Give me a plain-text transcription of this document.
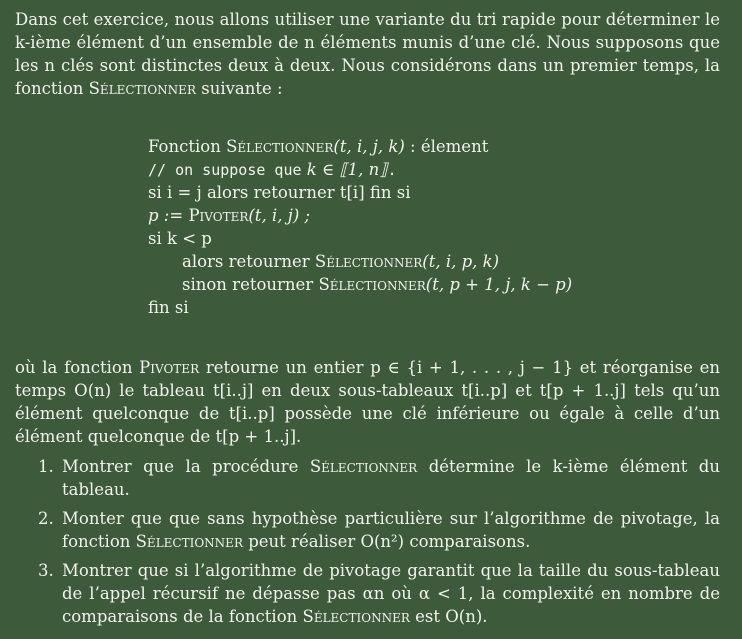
Dans cet exercice, nous allons utiliser une variante du tri rapide pour déterminer le k-ième élément d’un ensemble de n éléments munis d’une clé. Nous supposons que les n clés sont distinctes deux à deux. Nous considérons dans un premier temps, la fonction Sélectionner suivante :

Fonction Sélectionner(t, i, j, k) : élement
// on suppose que k ∈ ⟦1, n⟧.
si i = j alors retourner t[i] fin si
p := Pivoter(t, i, j) ;
si k < p
alors retourner Sélectionner(t, i, p, k)
sinon retourner Sélectionner(t, p + 1, j, k − p)
fin si

où la fonction Pivoter retourne un entier p ∈ {i + 1, . . . , j − 1} et réorganise en temps O(n) le tableau t[i..j] en deux sous-tableaux t[i..p] et t[p + 1..j] tels qu’un élément quelconque de t[i..p] possède une clé inférieure ou égale à celle d’un élément quelconque de t[p + 1..j].

1. Montrer que la procédure Sélectionner détermine le k-ième élément du tableau.
2. Monter que que sans hypothèse particulière sur l’algorithme de pivotage, la fonction Sélectionner peut réaliser O(n²) comparaisons.
3. Montrer que si l’algorithme de pivotage garantit que la taille du sous-tableau de l’appel récursif ne dépasse pas αn où α < 1, la complexité en nombre de comparaisons de la fonction Sélectionner est O(n).
